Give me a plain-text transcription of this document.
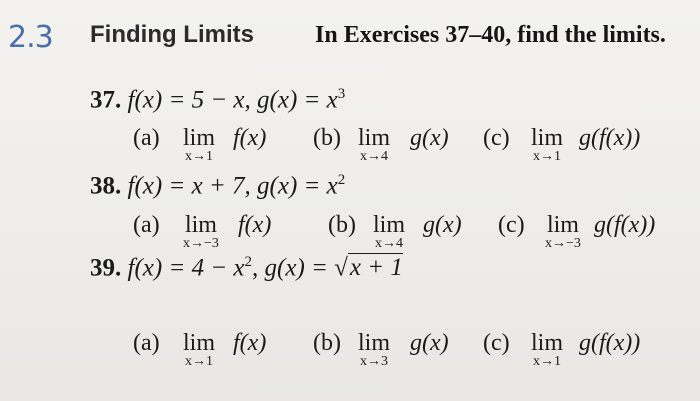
2.3 Finding Limits	In Exercises 37–40, find the limits.
37. f(x) = 5 − x, $g(x) = x^3$
(a) lim
x→1
f(x) (b) lim
x→4
g(x) (c) lim
x→1
g(f(x))
38. f(x) = x + 7, $g(x) = x^2$
(a) lim
x→−3
f(x) (b) lim
x→4
g(x) (c) lim
x→−3
g(f(x))
39. $f(x) = 4 - x^2$, g(x) = √x + 1
(a) lim
x→1
f(x) (b) lim
x→3
g(x) (c) lim
x→1
g(f(x))
